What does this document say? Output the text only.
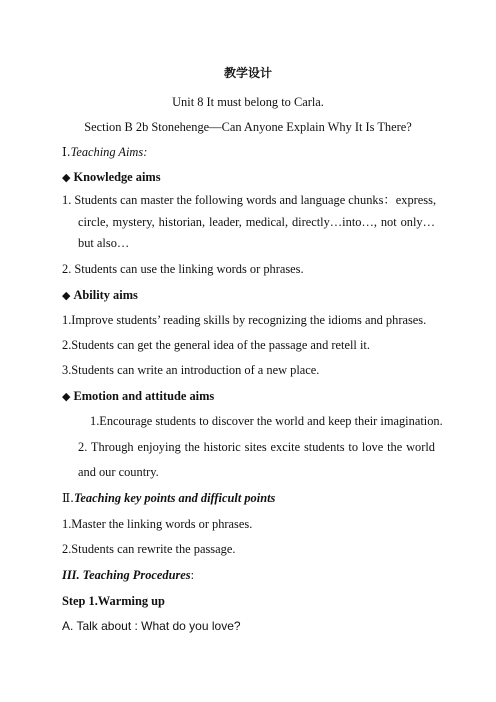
教学设计
Unit 8 It must belong to Carla.
Section B 2b Stonehenge—Can Anyone Explain Why It Is There?
Ⅰ.Teaching Aims:
◆ Knowledge aims
1. Students can master the following words and language chunks：express,
circle, mystery, historian, leader, medical, directly…into…, not only…
but also…
2. Students can use the linking words or phrases.
◆ Ability aims
1.Improve students’ reading skills by recognizing the idioms and phrases.
2.Students can get the general idea of the passage and retell it.
3.Students can write an introduction of a new place.
◆ Emotion and attitude aims
1.Encourage students to discover the world and keep their imagination.
2. Through enjoying the historic sites excite students to love the world
and our country.
Ⅱ.Teaching key points and difficult points
1.Master the linking words or phrases.
2.Students can rewrite the passage.
III. Teaching Procedures:
Step 1.Warming up
A. Talk about : What do you love?
